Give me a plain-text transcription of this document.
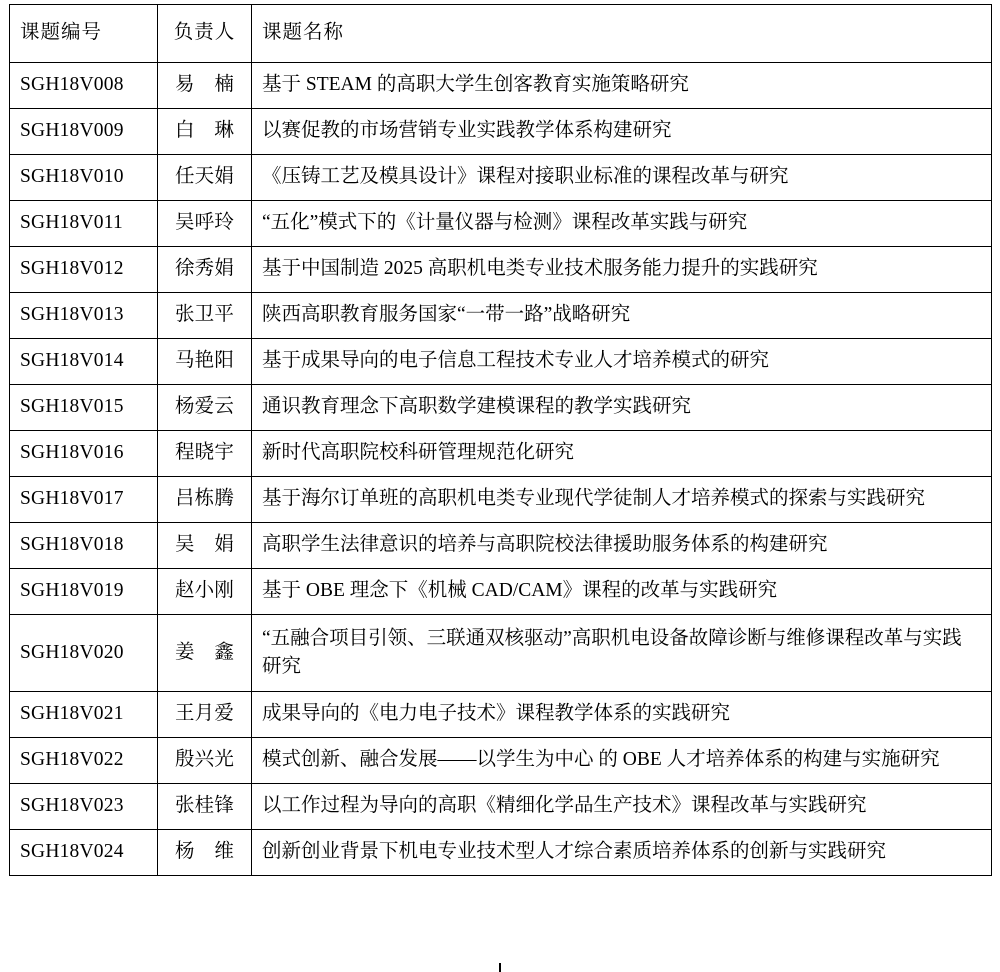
课题编号	负责人	课题名称
SGH18V008	易　楠	基于 STEAM 的高职大学生创客教育实施策略研究
SGH18V009	白　琳	以赛促教的市场营销专业实践教学体系构建研究
SGH18V010	任天娟	《压铸工艺及模具设计》课程对接职业标准的课程改革与研究
SGH18V011	吴呼玲	“五化”模式下的《计量仪器与检测》课程改革实践与研究
SGH18V012	徐秀娟	基于中国制造 2025 高职机电类专业技术服务能力提升的实践研究
SGH18V013	张卫平	陕西高职教育服务国家“一带一路”战略研究
SGH18V014	马艳阳	基于成果导向的电子信息工程技术专业人才培养模式的研究
SGH18V015	杨爱云	通识教育理念下高职数学建模课程的教学实践研究
SGH18V016	程晓宇	新时代高职院校科研管理规范化研究
SGH18V017	吕栋腾	基于海尔订单班的高职机电类专业现代学徒制人才培养模式的探索与实践研究
SGH18V018	吴　娟	高职学生法律意识的培养与高职院校法律援助服务体系的构建研究
SGH18V019	赵小刚	基于 OBE 理念下《机械 CAD/CAM》课程的改革与实践研究
SGH18V020	姜　鑫	“五融合项目引领、三联通双核驱动”高职机电设备故障诊断与维修课程改革与实践研究
SGH18V021	王月爱	成果导向的《电力电子技术》课程教学体系的实践研究
SGH18V022	殷兴光	模式创新、融合发展——以学生为中心 的 OBE 人才培养体系的构建与实施研究
SGH18V023	张桂锋	以工作过程为导向的高职《精细化学品生产技术》课程改革与实践研究
SGH18V024	杨　维	创新创业背景下机电专业技术型人才综合素质培养体系的创新与实践研究
